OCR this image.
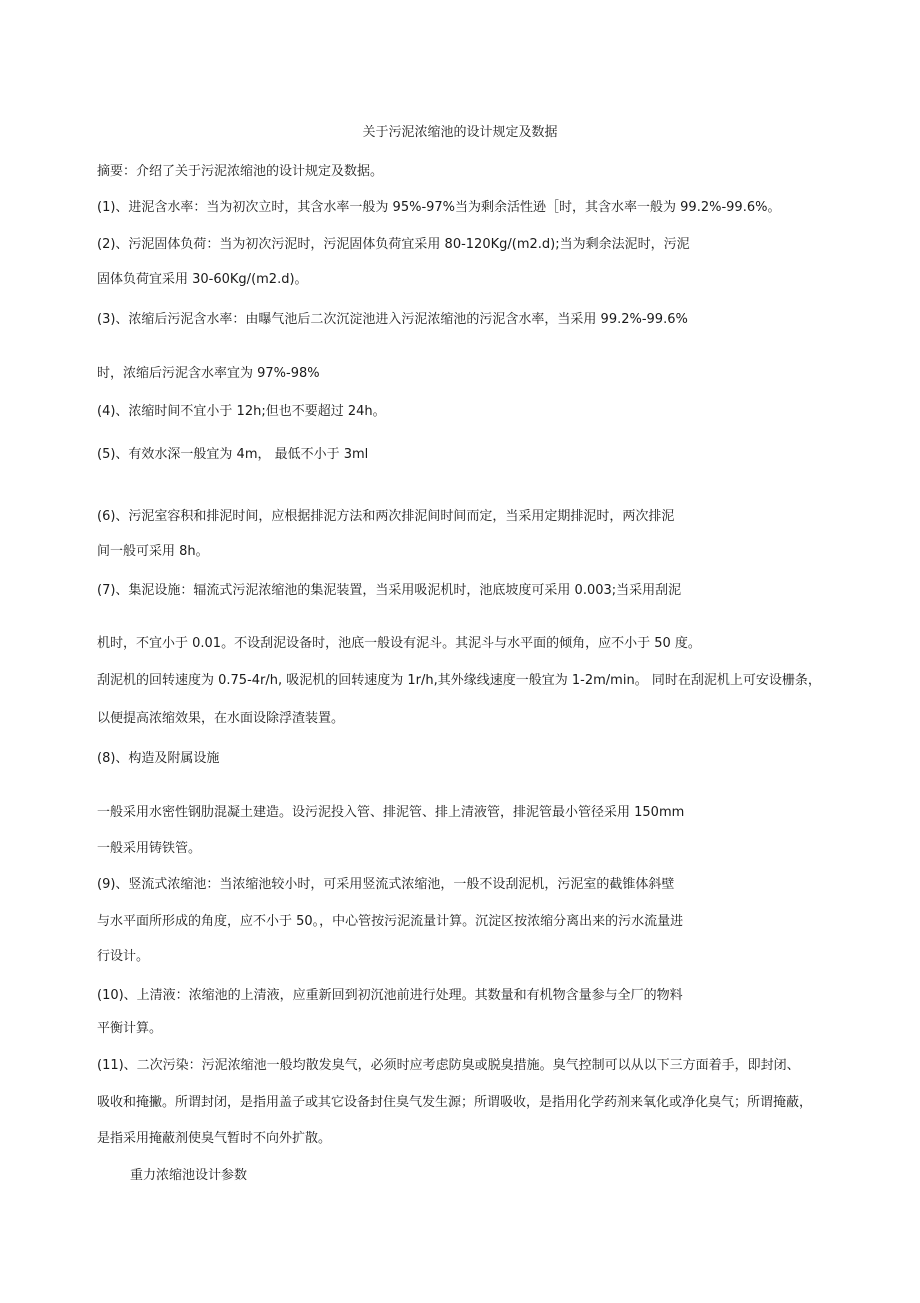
关于污泥浓缩池的设计规定及数据

摘要：介绍了关于污泥浓缩池的设计规定及数据。

(1)、进泥含水率：当为初次立时，其含水率一般为 95%-97%当为剩余活性逊［时，其含水率一般为 99.2%-99.6%。

(2)、污泥固体负荷：当为初次污泥时，污泥固体负荷宜采用 80-120Kg/(m2.d);当为剩余法泥时，污泥

固体负荷宜采用 30-60Kg/(m2.d)。

(3)、浓缩后污泥含水率：由曝气池后二次沉淀池进入污泥浓缩池的污泥含水率，当采用 99.2%-99.6%

时，浓缩后污泥含水率宜为 97%-98%

(4)、浓缩时间不宜小于 12h;但也不要超过 24h。

(5)、有效水深一般宜为 4m， 最低不小于 3ml

(6)、污泥室容积和排泥时间，应根据排泥方法和两次排泥间时间而定，当采用定期排泥时，两次排泥

间一般可采用 8h。

(7)、集泥设施：辐流式污泥浓缩池的集泥装置，当采用吸泥机时，池底坡度可采用 0.003;当采用刮泥

机时，不宜小于 0.01。不设刮泥设备时，池底一般设有泥斗。其泥斗与水平面的倾角，应不小于 50 度。

刮泥机的回转速度为 0.75-4r/h, 吸泥机的回转速度为 1r/h,其外缘线速度一般宜为 1-2m/min。 同时在刮泥机上可安设栅条，

以便提高浓缩效果，在水面设除浮渣装置。

(8)、构造及附属设施

一般采用水密性钢肋混凝土建造。设污泥投入管、排泥管、排上清液管，排泥管最小管径采用 150mm

一般采用铸铁管。

(9)、竖流式浓缩池：当浓缩池较小时，可采用竖流式浓缩池，一般不设刮泥机，污泥室的截锥体斜壁

与水平面所形成的角度，应不小于 50。，中心管按污泥流量计算。沉淀区按浓缩分离出来的污水流量进

行设计。

(10)、上清液：浓缩池的上清液，应重新回到初沉池前进行处理。其数量和有机物含量参与全厂的物料

平衡计算。

(11)、二次污染：污泥浓缩池一般均散发臭气，必须时应考虑防臭或脱臭措施。臭气控制可以从以下三方面着手，即封闭、

吸收和掩撇。所谓封闭，是指用盖子或其它设备封住臭气发生源；所谓吸收，是指用化学药剂来氧化或净化臭气；所谓掩蔽，

是指采用掩蔽剂使臭气暂时不向外扩散。

重力浓缩池设计参数
